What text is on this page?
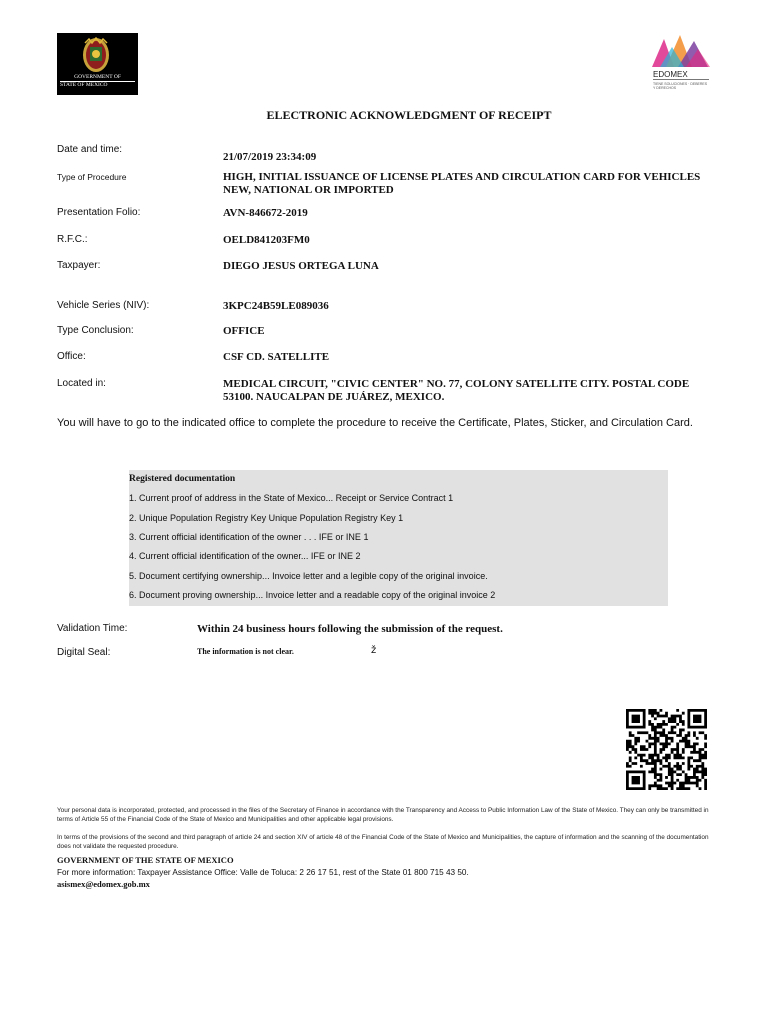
GOVERNMENT OF
STATE OF MEXICO
EDOMEX
TIENE SOLUCIONES · DEBERES Y DERECHOS
ELECTRONIC ACKNOWLEDGMENT OF RECEIPT
Date and time:
21/07/2019 23:34:09
Type of Procedure	HIGH, INITIAL ISSUANCE OF LICENSE PLATES AND CIRCULATION CARD FOR VEHICLES NEW, NATIONAL OR IMPORTED
Presentation Folio:	AVN-846672-2019
R.F.C.:	OELD841203FM0
Taxpayer:	DIEGO JESUS ORTEGA LUNA
Vehicle Series (NIV):	3KPC24B59LE089036
Type Conclusion:	OFFICE
Office:	CSF CD. SATELLITE
Located in:	MEDICAL CIRCUIT, "CIVIC CENTER" NO. 77, COLONY SATELLITE CITY. POSTAL CODE 53100. NAUCALPAN DE JUÁREZ, MEXICO.
You will have to go to the indicated office to complete the procedure to receive the Certificate, Plates, Sticker, and Circulation Card.
Registered documentation
1. Current proof of address in the State of Mexico... Receipt or Service Contract 1
2. Unique Population Registry Key Unique Population Registry Key 1
3. Current official identification of the owner . . . IFE or INE 1
4. Current official identification of the owner... IFE or INE 2
5. Document certifying ownership... Invoice letter and a legible copy of the original invoice.
6. Document proving ownership... Invoice letter and a readable copy of the original invoice 2
Validation Time:	Within 24 business hours following the submission of the request.
Digital Seal:	The information is not clear.	ž
Your personal data is incorporated, protected, and processed in the files of the Secretary of Finance in accordance with the Transparency and Access to Public Information Law of the State of Mexico. They can only be transmitted in terms of Article 55 of the Financial Code of the State of Mexico and Municipalities and other applicable legal provisions.
In terms of the provisions of the second and third paragraph of article 24 and section XIV of article 48 of the Financial Code of the State of Mexico and Municipalities, the capture of information and the scanning of the documentation does not validate the requested procedure.
GOVERNMENT OF THE STATE OF MEXICO
For more information: Taxpayer Assistance Office: Valle de Toluca: 2 26 17 51, rest of the State 01 800 715 43 50.
asismex@edomex.gob.mx
